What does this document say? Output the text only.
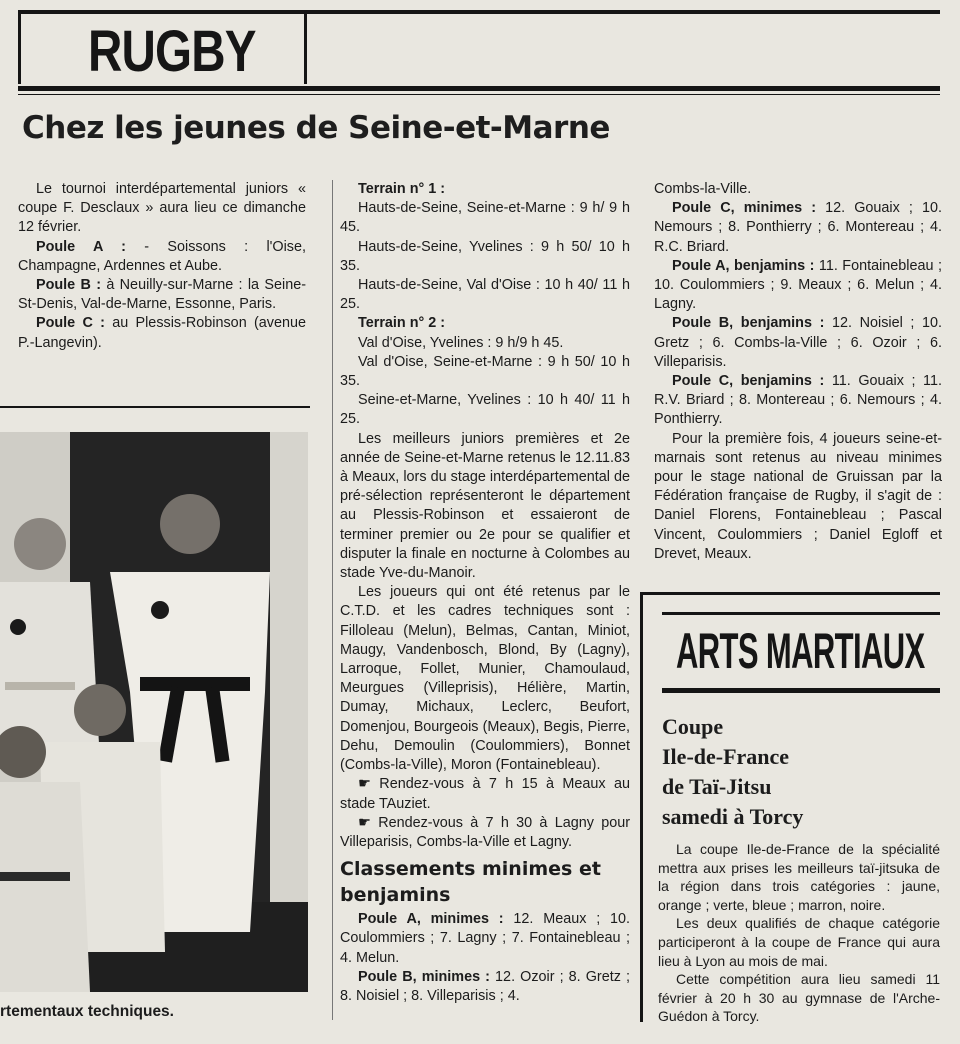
RUGBY
Chez les jeunes de Seine-et-Marne

Le tournoi interdépartemental juniors « coupe F. Desclaux » aura lieu ce dimanche 12 février.

Poule A : - Soissons : l'Oise, Champagne, Ardennes et Aube.

Poule B : à Neuilly-sur-Marne : la Seine-St-Denis, Val-de-Marne, Essonne, Paris.

Poule C : au Plessis-Robinson (avenue P.-Langevin).

rtementaux techniques.

Terrain n° 1 :

Hauts-de-Seine, Seine-et-Marne : 9 h/ 9 h 45.

Hauts-de-Seine, Yvelines : 9 h 50/ 10 h 35.

Hauts-de-Seine, Val d'Oise : 10 h 40/ 11 h 25.

Terrain n° 2 :

Val d'Oise, Yvelines : 9 h/9 h 45.

Val d'Oise, Seine-et-Marne : 9 h 50/ 10 h 35.

Seine-et-Marne, Yvelines : 10 h 40/ 11 h 25.

Les meilleurs juniors premières et 2e année de Seine-et-Marne retenus le 12.11.83 à Meaux, lors du stage interdépartemental de pré-sélection représenteront le département au Plessis-Robinson et essaieront de terminer premier ou 2e pour se qualifier et disputer la finale en nocturne à Colombes au stade Yve-du-Manoir.

Les joueurs qui ont été retenus par le C.T.D. et les cadres techniques sont : Filloleau (Melun), Belmas, Cantan, Miniot, Maugy, Vandenbosch, Blond, By (Lagny), Larroque, Follet, Munier, Chamoulaud, Meurgues (Villeprisis), Hélière, Martin, Dumay, Michaux, Leclerc, Beufort, Domenjou, Bourgeois (Meaux), Begis, Pierre, Dehu, Demoulin (Coulommiers), Bonnet (Combs-la-Ville), Moron (Fontainebleau).

☛ Rendez-vous à 7 h 15 à Meaux au stade TAuziet.

☛ Rendez-vous à 7 h 30 à Lagny pour Villeparisis, Combs-la-Ville et Lagny.

Classements minimes et benjamins

Poule A, minimes : 12. Meaux ; 10. Coulommiers ; 7. Lagny ; 7. Fontainebleau ; 4. Melun.

Poule B, minimes : 12. Ozoir ; 8. Gretz ; 8. Noisiel ; 8. Villeparisis ; 4.

Combs-la-Ville.

Poule C, minimes : 12. Gouaix ; 10. Nemours ; 8. Ponthierry ; 6. Montereau ; 4. R.C. Briard.

Poule A, benjamins : 11. Fontainebleau ; 10. Coulommiers ; 9. Meaux ; 6. Melun ; 4. Lagny.

Poule B, benjamins : 12. Noisiel ; 10. Gretz ; 6. Combs-la-Ville ; 6. Ozoir ; 6. Villeparisis.

Poule C, benjamins : 11. Gouaix ; 11. R.V. Briard ; 8. Montereau ; 6. Nemours ; 4. Ponthierry.

Pour la première fois, 4 joueurs seine-et-marnais sont retenus au niveau minimes pour le stage national de Gruissan par la Fédération française de Rugby, il s'agit de : Daniel Florens, Fontainebleau ; Pascal Vincent, Coulommiers ; Daniel Egloff et Drevet, Meaux.

ARTS MARTIAUX
Coupe
Ile-de-France
de Taï-Jitsu
samedi à Torcy

La coupe Ile-de-France de la spécialité mettra aux prises les meilleurs taï-jitsuka de la région dans trois catégories : jaune, orange ; verte, bleue ; marron, noire.

Les deux qualifiés de chaque catégorie participeront à la coupe de France qui aura lieu à Lyon au mois de mai.

Cette compétition aura lieu samedi 11 février à 20 h 30 au gymnase de l'Arche-Guédon à Torcy.
